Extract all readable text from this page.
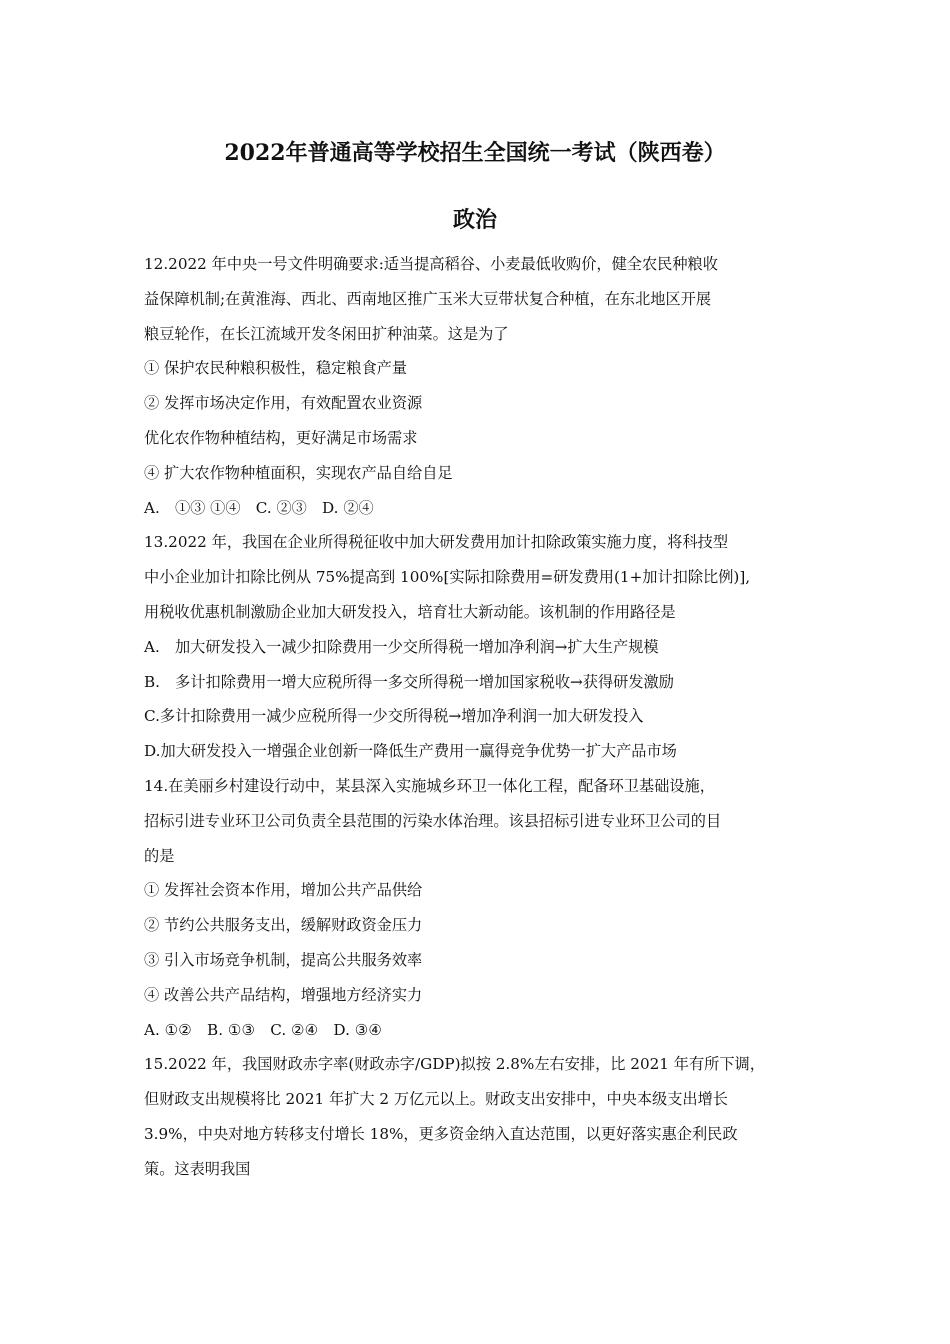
2022年普通高等学校招生全国统一考试（陕西卷）
政治
12.2022 年中央一号文件明确要求:适当提高稻谷、小麦最低收购价，健全农民种粮收
益保障机制;在黄淮海、西北、西南地区推广玉米大豆带状复合种植，在东北地区开展
粮豆轮作，在长江流域开发冬闲田扩种油菜。这是为了
① 保护农民种粮积极性，稳定粮食产量
② 发挥市场决定作用，有效配置农业资源
优化农作物种植结构，更好满足市场需求
④ 扩大农作物种植面积，实现农产品自给自足
A.　①③ ①④　C. ②③　D. ②④
13.2022 年，我国在企业所得税征收中加大研发费用加计扣除政策实施力度，将科技型
中小企业加计扣除比例从 75%提高到 100%[实际扣除费用=研发费用(1+加计扣除比例)],
用税收优惠机制激励企业加大研发投入，培育壮大新动能。该机制的作用路径是
A.　加大研发投入一减少扣除费用一少交所得税一增加净利润→扩大生产规模
B.　多计扣除费用一增大应税所得一多交所得税一增加国家税收→获得研发激励
C.多计扣除费用一减少应税所得一少交所得税→增加净利润一加大研发投入
D.加大研发投入一增强企业创新一降低生产费用一赢得竞争优势一扩大产品市场
14.在美丽乡村建设行动中，某县深入实施城乡环卫一体化工程，配备环卫基础设施，
招标引进专业环卫公司负责全县范围的污染水体治理。该县招标引进专业环卫公司的目
的是
① 发挥社会资本作用，增加公共产品供给
② 节约公共服务支出，缓解财政资金压力
③ 引入市场竞争机制，提高公共服务效率
④ 改善公共产品结构，增强地方经济实力
A. ①②　B. ①③　C. ②④　D. ③④
15.2022 年，我国财政赤字率(财政赤字/GDP)拟按 2.8%左右安排，比 2021 年有所下调，
但财政支出规模将比 2021 年扩大 2 万亿元以上。财政支出安排中，中央本级支出增长
3.9%，中央对地方转移支付增长 18%，更多资金纳入直达范围，以更好落实惠企利民政
策。这表明我国
